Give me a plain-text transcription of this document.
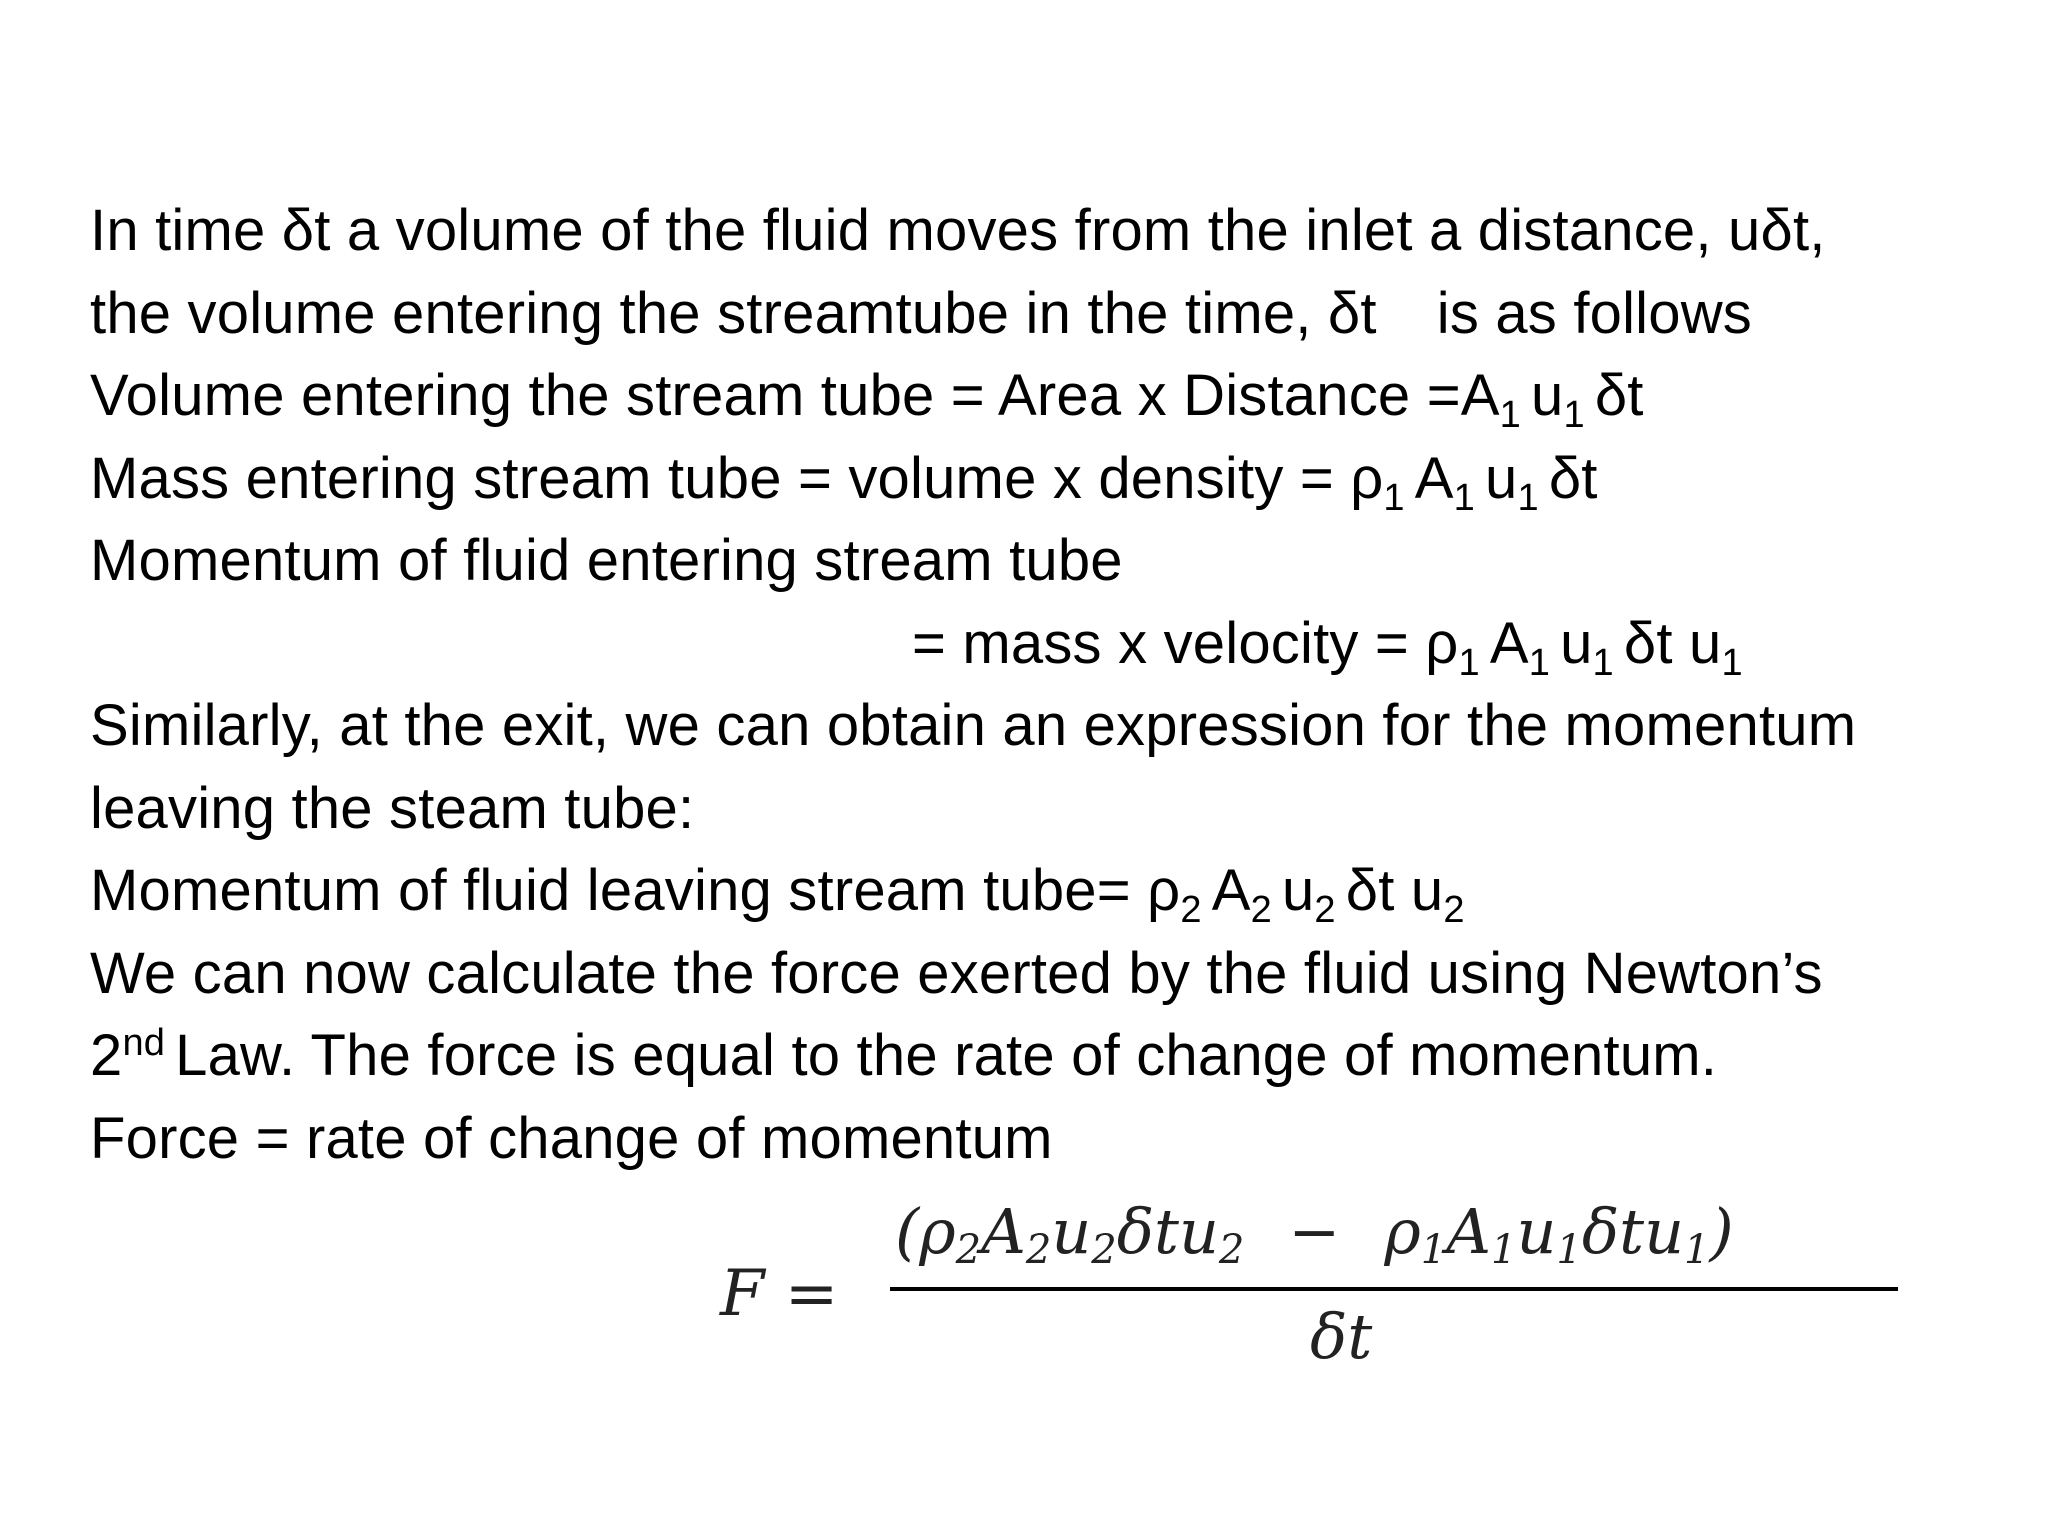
In time δt a volume of the fluid moves from the inlet a distance, uδt,
the volume entering the streamtube in the time, δt is as follows
Volume entering the stream tube = Area x Distance $=A_1$ $u_1$ δt
Mass entering stream tube = volume x density = $\rho_1$ $A_1$ $u_1$ δt
Momentum of fluid entering stream tube
= mass x velocity = $\rho_1$ $A_1$ $u_1$ δt $u_1$
Similarly, at the exit, we can obtain an expression for the momentum
leaving the steam tube:
Momentum of fluid leaving stream tube= $\rho_2$ $A_2$ $u_2$ δt $u_2$
We can now calculate the force exerted by the fluid using Newton’s
2nd Law. The force is equal to the rate of change of momentum.
Force = rate of change of momentum
F =
$(\rho_2A_2u_2\delta tu_2 - \rho_1A_1u_1\delta tu_1)$
δt
